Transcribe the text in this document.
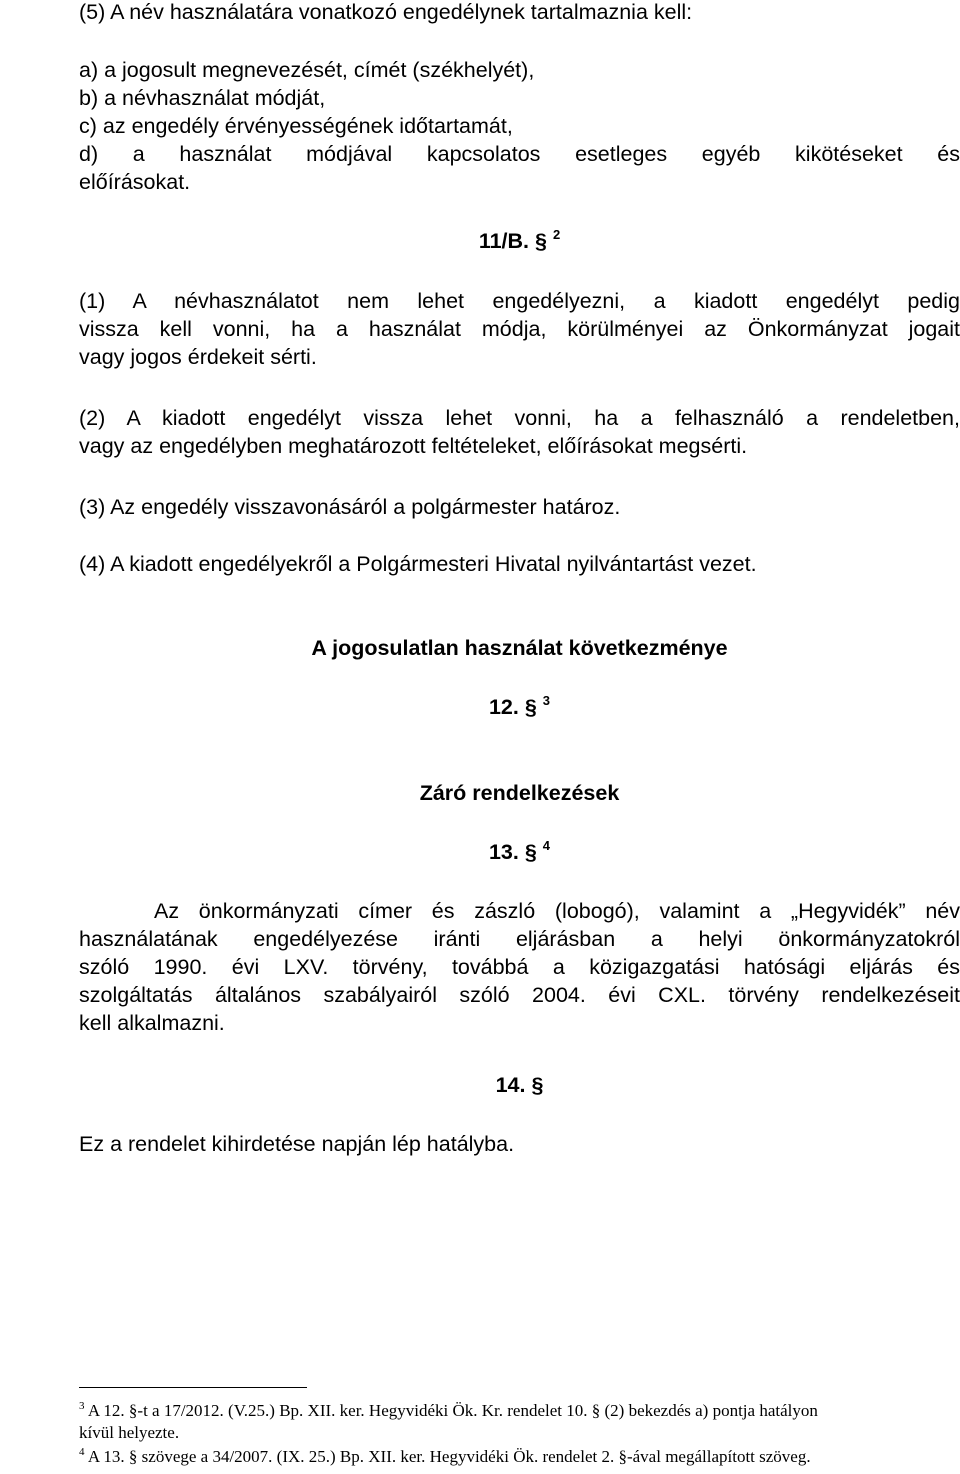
(5) A név használatára vonatkozó engedélynek tartalmaznia kell:

a) a jogosult megnevezését, címét (székhelyét),
b) a névhasználat módját,
c) az engedély érvényességének időtartamát,
d) a használat módjával kapcsolatos esetleges egyéb kikötéseket és
előírásokat.

11/B. § $^2$

(1) A névhasználatot nem lehet engedélyezni, a kiadott engedélyt pedig
vissza kell vonni, ha a használat módja, körülményei az Önkormányzat jogait
vagy jogos érdekeit sérti.
(2) A kiadott engedélyt vissza lehet vonni, ha a felhasználó a rendeletben,
vagy az engedélyben meghatározott feltételeket, előírásokat megsérti.

(3) Az engedély visszavonásáról a polgármester határoz.

(4) A kiadott engedélyekről a Polgármesteri Hivatal nyilvántartást vezet.

A jogosulatlan használat következménye

12. § $^3$

Záró rendelkezések

13. § $^4$

Az önkormányzati címer és zászló (lobogó), valamint a „Hegyvidék” név
használatának engedélyezése iránti eljárásban a helyi önkormányzatokról
szóló 1990. évi LXV. törvény, továbbá a közigazgatási hatósági eljárás és
szolgáltatás általános szabályairól szóló 2004. évi CXL. törvény rendelkezéseit
kell alkalmazni.

14. §

Ez a rendelet kihirdetése napján lép hatályba.

$^3$ A 12. §-t a 17/2012. (V.25.) Bp. XII. ker. Hegyvidéki Ök. Kr. rendelet 10. § (2) bekezdés a) pontja hatályon
kívül helyezte.
$^4$ A 13. § szövege a 34/2007. (IX. 25.) Bp. XII. ker. Hegyvidéki Ök. rendelet 2. §-ával megállapított szöveg.
